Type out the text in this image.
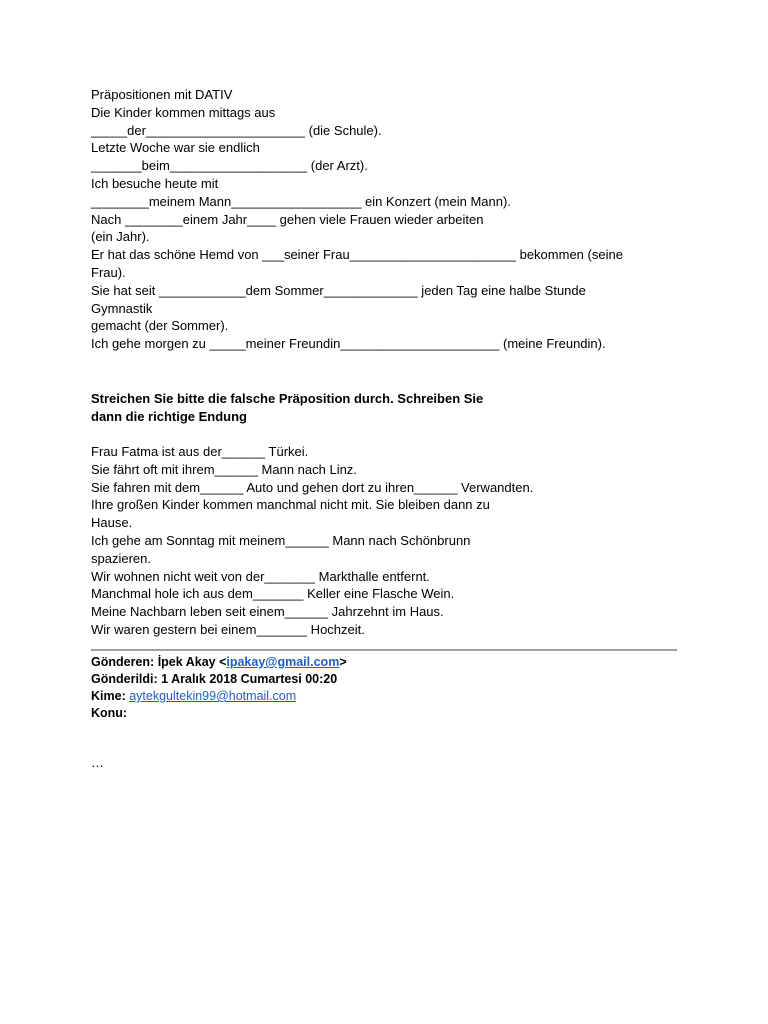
Präpositionen mit DATIV
Die Kinder kommen mittags aus
_____der______________________ (die Schule).
Letzte Woche war sie endlich
_______beim___________________ (der Arzt).
Ich besuche heute mit
________meinem Mann__________________ ein Konzert (mein Mann).
Nach ________einem Jahr____ gehen viele Frauen wieder arbeiten
(ein Jahr).
Er hat das schöne Hemd von ___seiner Frau_______________________ bekommen (seine
Frau).
Sie hat seit ____________dem Sommer_____________ jeden Tag eine halbe Stunde
Gymnastik
gemacht (der Sommer).
Ich gehe morgen zu _____meiner Freundin______________________ (meine Freundin).
Streichen Sie bitte die falsche Präposition durch. Schreiben Sie
dann die richtige Endung
Frau Fatma ist aus der______ Türkei.
Sie fährt oft mit ihrem______ Mann nach Linz.
Sie fahren mit dem______ Auto und gehen dort zu ihren______ Verwandten.
Ihre großen Kinder kommen manchmal nicht mit. Sie bleiben dann zu
Hause.
Ich gehe am Sonntag mit meinem______ Mann nach Schönbrunn
spazieren.
Wir wohnen nicht weit von der_______ Markthalle entfernt.
Manchmal hole ich aus dem_______ Keller eine Flasche Wein.
Meine Nachbarn leben seit einem______ Jahrzehnt im Haus.
Wir waren gestern bei einem_______ Hochzeit.
Gönderen: İpek Akay <ipakay@gmail.com>
Gönderildi: 1 Aralık 2018 Cumartesi 00:20
Kime: aytekgultekin99@hotmail.com
Konu:
…
